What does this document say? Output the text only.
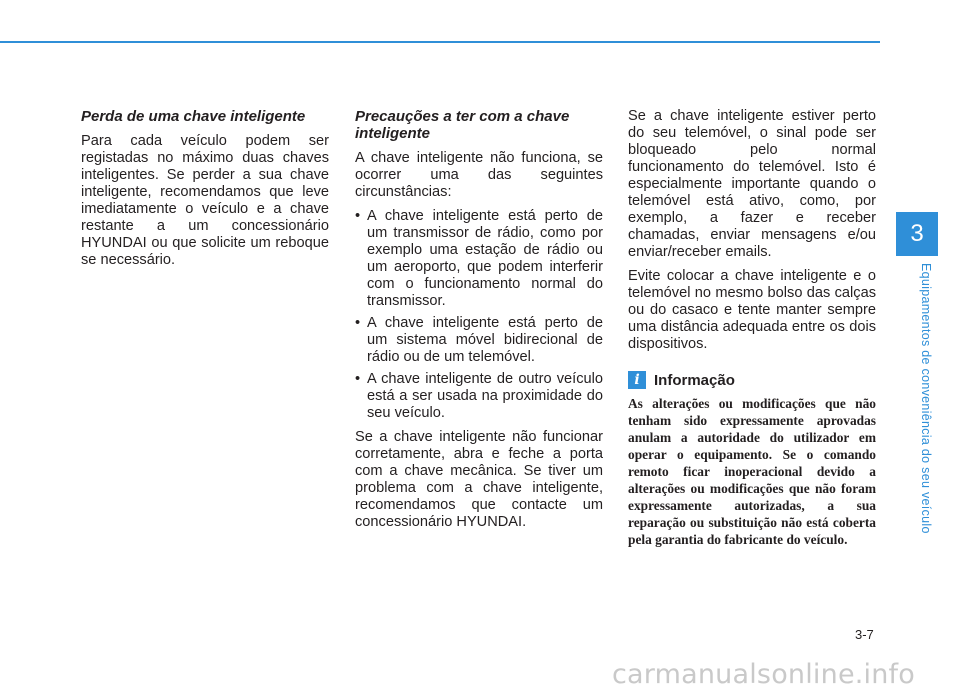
Perda de uma chave inteligente

Para cada veículo podem ser registadas no máximo duas chaves inteligentes. Se perder a sua chave inteligente, recomendamos que leve imediatamente o veículo e a chave restante a um concessionário HYUNDAI ou que solicite um reboque se necessário.

Precauções a ter com a chave inteligente

A chave inteligente não funciona, se ocorrer uma das seguintes circunstâncias:

• A chave inteligente está perto de um transmissor de rádio, como por exemplo uma estação de rádio ou um aeroporto, que podem interferir com o funcionamento normal do transmissor.
• A chave inteligente está perto de um sistema móvel bidirecional de rádio ou de um telemóvel.
• A chave inteligente de outro veículo está a ser usada na proximidade do seu veículo.

Se a chave inteligente não funcionar corretamente, abra e feche a porta com a chave mecânica. Se tiver um problema com a chave inteligente, recomendamos que contacte um concessionário HYUNDAI.

Se a chave inteligente estiver perto do seu telemóvel, o sinal pode ser bloqueado pelo normal funcionamento do telemóvel. Isto é especialmente importante quando o telemóvel está ativo, como, por exemplo, a fazer e receber chamadas, enviar mensagens e/ou enviar/receber emails.

Evite colocar a chave inteligente e o telemóvel no mesmo bolso das calças ou do casaco e tente manter sempre uma distância adequada entre os dois dispositivos.

i Informação

As alterações ou modificações que não tenham sido expressamente aprovadas anulam a autoridade do utilizador em operar o equipamento. Se o comando remoto ficar inoperacional devido a alterações ou modificações que não foram expressamente autorizadas, a sua reparação ou substituição não está coberta pela garantia do fabricante do veículo.

3
Equipamentos de conveniência do seu veículo
3-7
carmanualsonline.info
